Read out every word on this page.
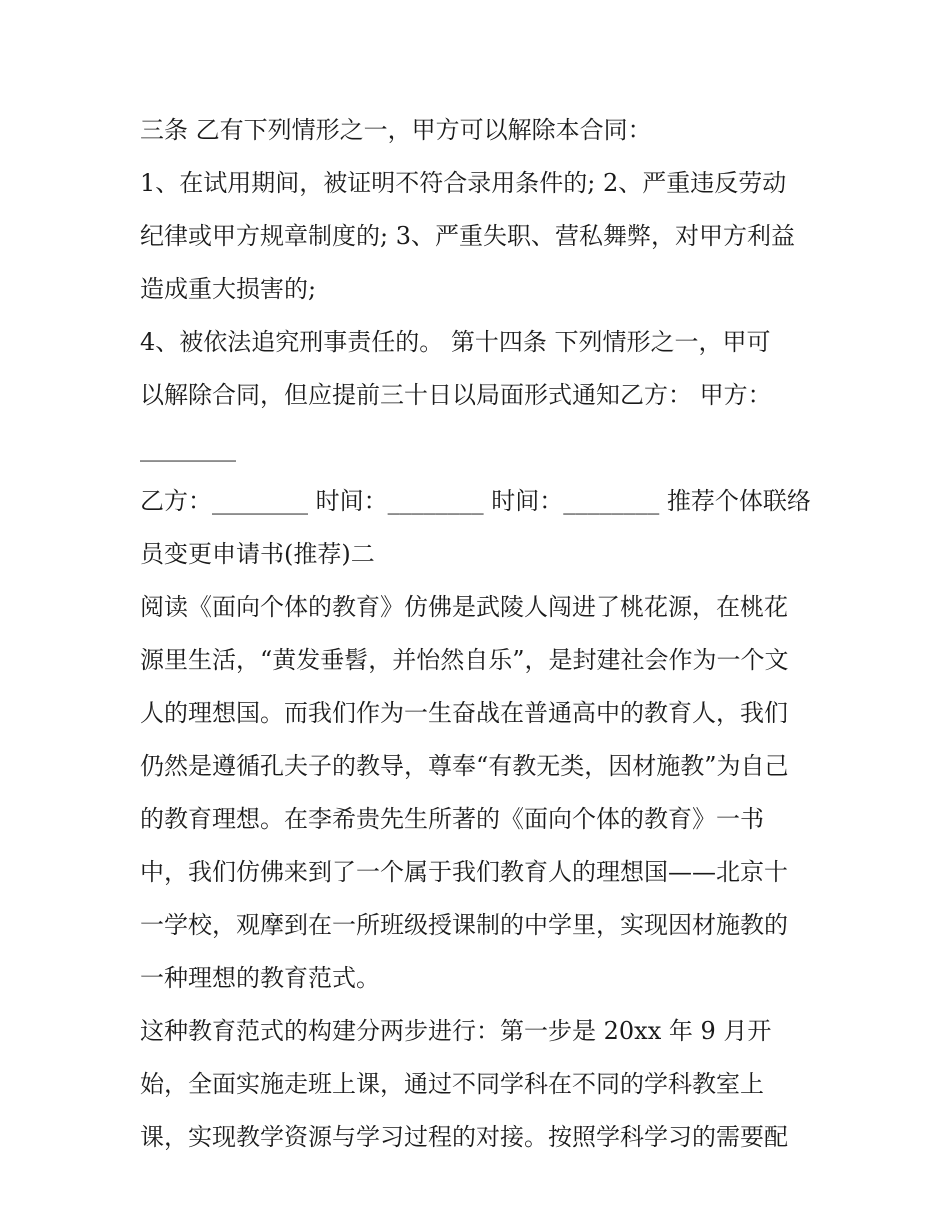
三条 乙有下列情形之一，甲方可以解除本合同：
1、在试用期间，被证明不符合录用条件的; 2、严重违反劳动
纪律或甲方规章制度的; 3、严重失职、营私舞弊，对甲方利益
造成重大损害的;
4、被依法追究刑事责任的。 第十四条 下列情形之一，甲可
以解除合同，但应提前三十日以局面形式通知乙方： 甲方：
________
乙方：________ 时间：________ 时间：________ 推荐个体联络
员变更申请书(推荐)二
阅读《面向个体的教育》仿佛是武陵人闯进了桃花源，在桃花
源里生活，“黄发垂髫，并怡然自乐”，是封建社会作为一个文
人的理想国。而我们作为一生奋战在普通高中的教育人，我们
仍然是遵循孔夫子的教导，尊奉“有教无类，因材施教”为自己
的教育理想。在李希贵先生所著的《面向个体的教育》一书
中，我们仿佛来到了一个属于我们教育人的理想国——北京十
一学校，观摩到在一所班级授课制的中学里，实现因材施教的
一种理想的教育范式。
这种教育范式的构建分两步进行：第一步是 20xx 年 9 月开
始，全面实施走班上课，通过不同学科在不同的学科教室上
课，实现教学资源与学习过程的对接。按照学科学习的需要配
